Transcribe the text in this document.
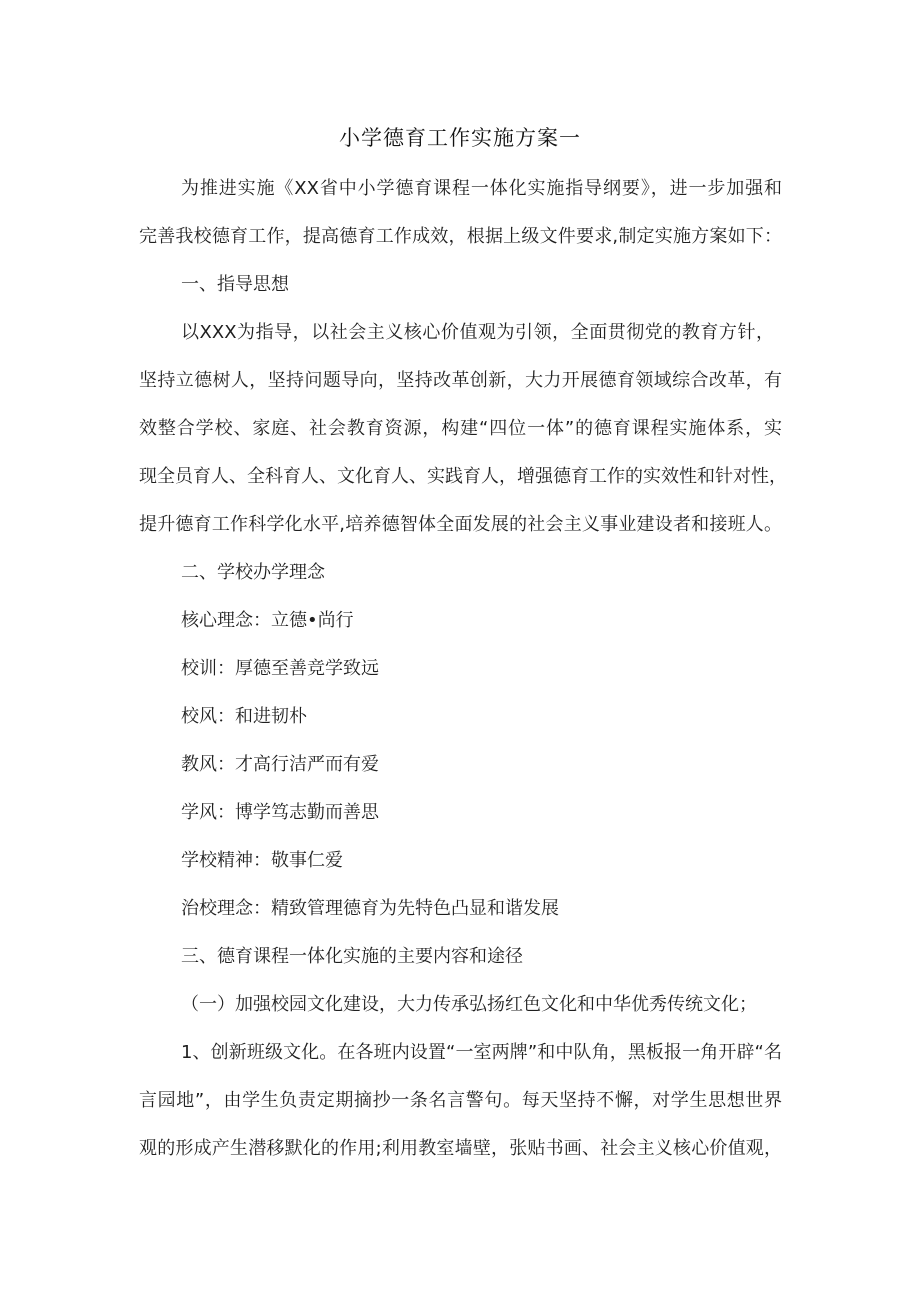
小学德育工作实施方案一
为推进实施《XX省中小学德育课程一体化实施指导纲要》，进一步加强和
完善我校德育工作，提高德育工作成效，根据上级文件要求,制定实施方案如下：
一、指导思想
以XXX为指导，以社会主义核心价值观为引领，全面贯彻党的教育方针，
坚持立德树人，坚持问题导向，坚持改革创新，大力开展德育领域综合改革，有
效整合学校、家庭、社会教育资源，构建“四位一体”的德育课程实施体系，实
现全员育人、全科育人、文化育人、实践育人，增强德育工作的实效性和针对性，
提升德育工作科学化水平,培养德智体全面发展的社会主义事业建设者和接班人。
二、学校办学理念
核心理念：立德•尚行
校训：厚德至善竞学致远
校风：和进韧朴
教风：才高行洁严而有爱
学风：博学笃志勤而善思
学校精神：敬事仁爱
治校理念：精致管理德育为先特色凸显和谐发展
三、德育课程一体化实施的主要内容和途径
（一）加强校园文化建设，大力传承弘扬红色文化和中华优秀传统文化；
1、创新班级文化。在各班内设置“一室两牌”和中队角，黑板报一角开辟“名
言园地”，由学生负责定期摘抄一条名言警句。每天坚持不懈，对学生思想世界
观的形成产生潜移默化的作用;利用教室墙壁，张贴书画、社会主义核心价值观，
